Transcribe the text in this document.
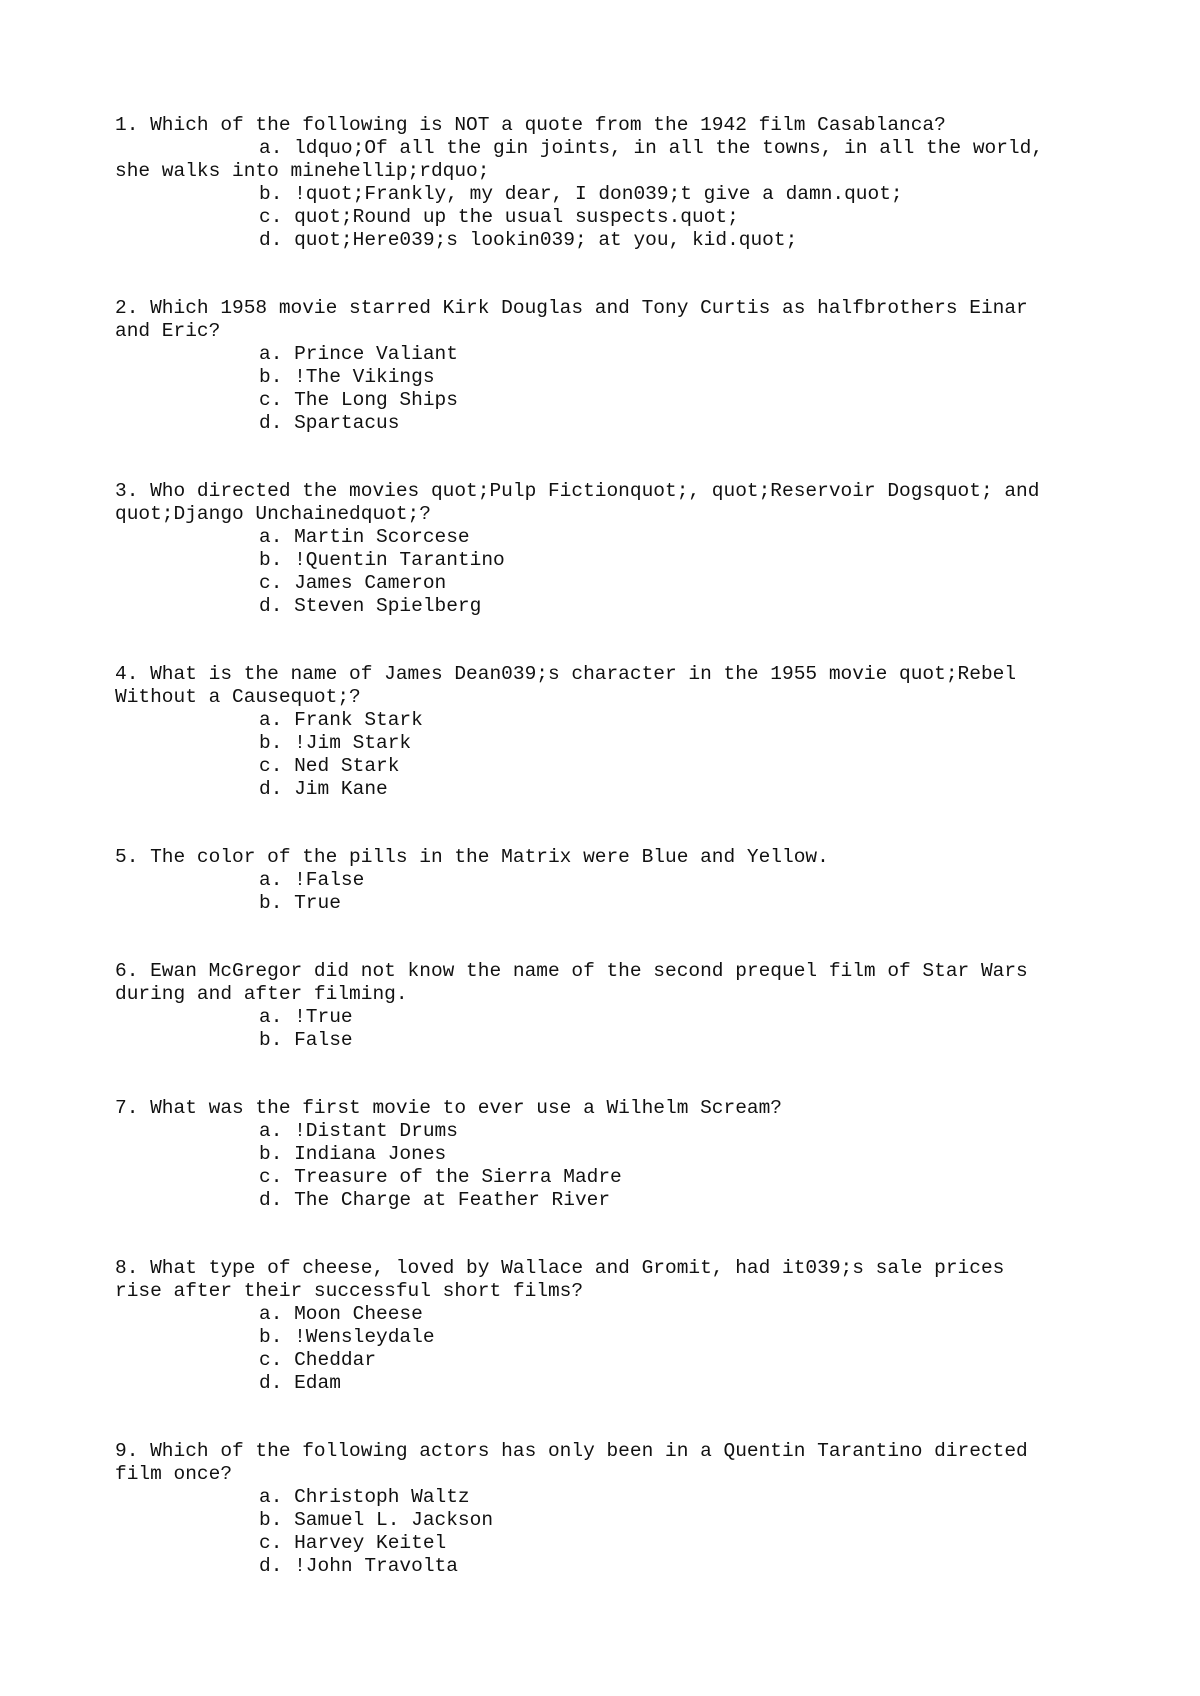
1. Which of the following is NOT a quote from the 1942 film Casablanca?
a. ldquo;Of all the gin joints, in all the towns, in all the world,
she walks into minehellip;rdquo;
b. !quot;Frankly, my dear, I don039;t give a damn.quot;
c. quot;Round up the usual suspects.quot;
d. quot;Here039;s lookin039; at you, kid.quot;
2. Which 1958 movie starred Kirk Douglas and Tony Curtis as halfbrothers Einar
and Eric?
a. Prince Valiant
b. !The Vikings
c. The Long Ships
d. Spartacus
3. Who directed the movies quot;Pulp Fictionquot;, quot;Reservoir Dogsquot; and
quot;Django Unchainedquot;?
a. Martin Scorcese
b. !Quentin Tarantino
c. James Cameron
d. Steven Spielberg
4. What is the name of James Dean039;s character in the 1955 movie quot;Rebel
Without a Causequot;?
a. Frank Stark
b. !Jim Stark
c. Ned Stark
d. Jim Kane
5. The color of the pills in the Matrix were Blue and Yellow.
a. !False
b. True
6. Ewan McGregor did not know the name of the second prequel film of Star Wars
during and after filming.
a. !True
b. False
7. What was the first movie to ever use a Wilhelm Scream?
a. !Distant Drums
b. Indiana Jones
c. Treasure of the Sierra Madre
d. The Charge at Feather River
8. What type of cheese, loved by Wallace and Gromit, had it039;s sale prices
rise after their successful short films?
a. Moon Cheese
b. !Wensleydale
c. Cheddar
d. Edam
9. Which of the following actors has only been in a Quentin Tarantino directed
film once?
a. Christoph Waltz
b. Samuel L. Jackson
c. Harvey Keitel
d. !John Travolta
